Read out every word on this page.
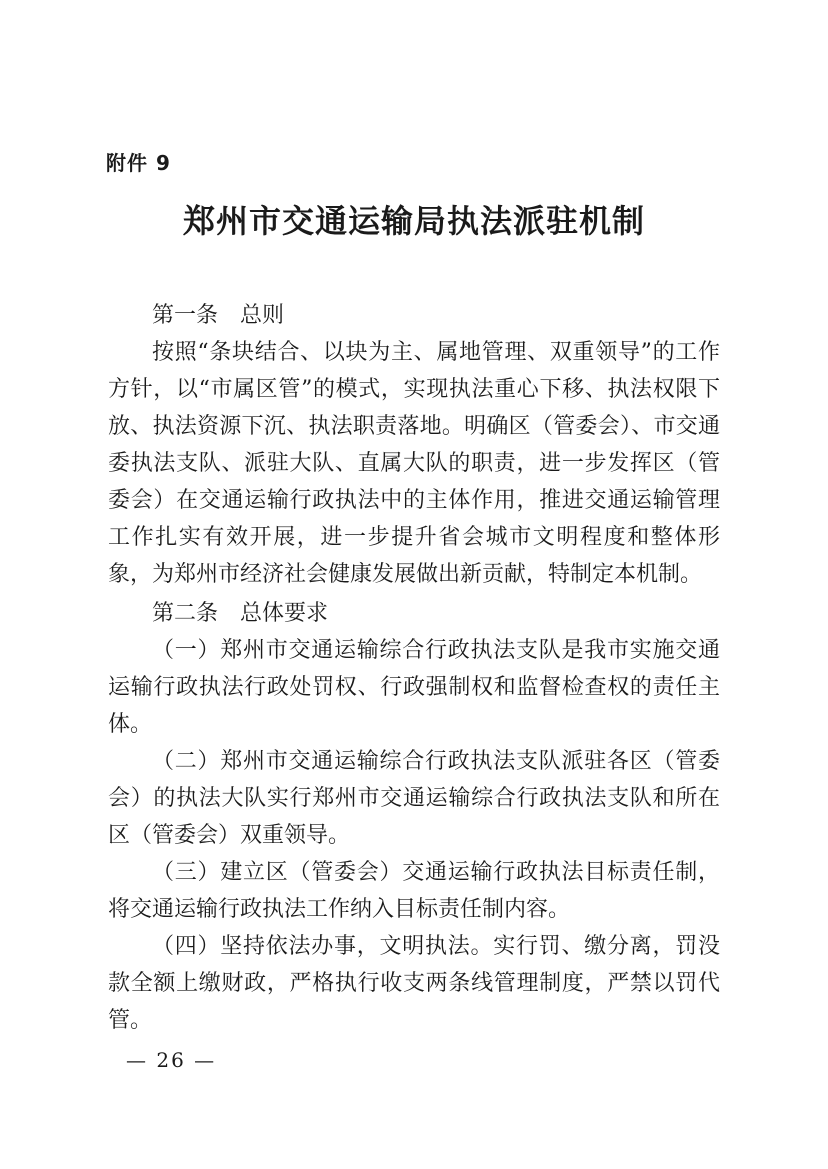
附件 9
郑州市交通运输局执法派驻机制

第一条　总则

按照“条块结合、以块为主、属地管理、双重领导”的工作方针，以“市属区管”的模式，实现执法重心下移、执法权限下放、执法资源下沉、执法职责落地。明确区（管委会）、市交通委执法支队、派驻大队、直属大队的职责，进一步发挥区（管委会）在交通运输行政执法中的主体作用，推进交通运输管理工作扎实有效开展，进一步提升省会城市文明程度和整体形象，为郑州市经济社会健康发展做出新贡献，特制定本机制。

第二条　总体要求

（一）郑州市交通运输综合行政执法支队是我市实施交通运输行政执法行政处罚权、行政强制权和监督检查权的责任主体。

（二）郑州市交通运输综合行政执法支队派驻各区（管委会）的执法大队实行郑州市交通运输综合行政执法支队和所在区（管委会）双重领导。

（三）建立区（管委会）交通运输行政执法目标责任制，将交通运输行政执法工作纳入目标责任制内容。

（四）坚持依法办事，文明执法。实行罚、缴分离，罚没款全额上缴财政，严格执行收支两条线管理制度，严禁以罚代管。

— 26 —
